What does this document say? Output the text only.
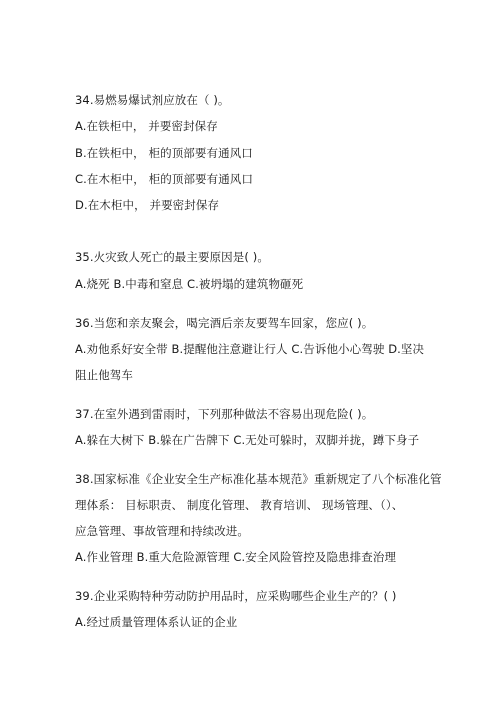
34.易燃易爆试剂应放在（ )。
A.在铁柜中， 并要密封保存
B.在铁柜中， 柜的顶部要有通风口
C.在木柜中， 柜的顶部要有通风口
D.在木柜中， 并要密封保存
35.火灾致人死亡的最主要原因是( )。
A.烧死 B.中毒和窒息 C.被坍塌的建筑物砸死
36.当您和亲友聚会，喝完酒后亲友要驾车回家，您应( )。
A.劝他系好安全带 B.提醒他注意避让行人 C.告诉他小心驾驶 D.坚决
阻止他驾车
37.在室外遇到雷雨时，下列那种做法不容易出现危险( )。
A.躲在大树下 B.躲在广告牌下 C.无处可躲时，双脚并拢，蹲下身子
38.国家标准《企业安全生产标准化基本规范》重新规定了八个标准化管
理体系： 目标职责、 制度化管理、 教育培训、 现场管理、（）、
应急管理、事故管理和持续改进。
A.作业管理 B.重大危险源管理 C.安全风险管控及隐患排查治理
39.企业采购特种劳动防护用品时，应采购哪些企业生产的？( )
A.经过质量管理体系认证的企业
